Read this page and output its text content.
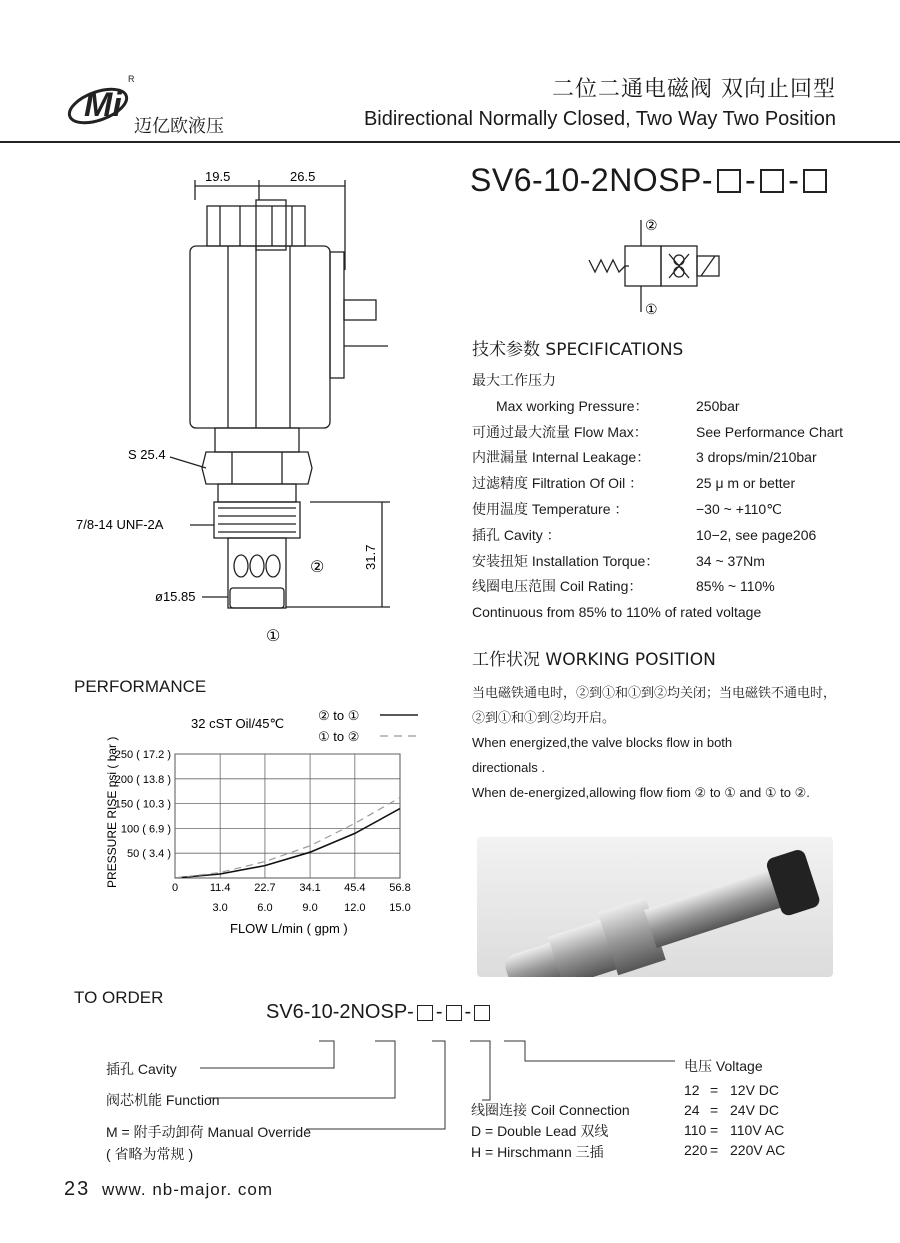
Mi
R
迈亿欧液压
二位二通电磁阀 双向止回型
Bidirectional Normally Closed, Two Way Two Position
SV6-10-2NOSP- - -
19.5	26.5
S 25.4
7/8-14 UNF-2A
ø15.85
②
①
31.7
②
①
技术参数 SPECIFICATIONS
最大工作压力
Max working Pressure：	250bar
可通过最大流量 Flow Max：	See Performance Chart
内泄漏量 Internal Leakage：	3 drops/min/210bar
过滤精度 Filtration Of Oil ：	25 μ m or better
使用温度 Temperature ：	−30 ~ +110℃
插孔 Cavity ：	10−2, see page206
安装扭矩 Installation Torque：	34 ~ 37Nm
线圈电压范围 Coil Rating：	85% ~ 110%
Continuous from 85% to 110% of rated voltage
工作状况 WORKING POSITION
当电磁铁通电时，②到①和①到②均关闭；当电磁铁不通电时，
②到①和①到②均开启。
When energized,the valve blocks flow in both
directionals .
When de-energized,allowing flow fiom ② to ① and ① to ②.
PERFORMANCE
32 cST Oil/45℃
② to ①
① to ②
PRESSURE RISE psi ( bar )
FLOW L/min ( gpm )
250 ( 17.2 )
200 ( 13.8 )
150 ( 10.3 )
100 ( 6.9 )
50 ( 3.4 )
0	11.4 22.7 34.1 45.4 56.8
3.0	6.0	9.0 12.0 15.0
TO ORDER
SV6-10-2NOSP- - -
插孔 Cavity
阀芯机能 Function
M = 附手动卸荷 Manual Override
( 省略为常规 )
线圈连接 Coil Connection
D = Double Lead 双线
H = Hirschmann 三插
电压 Voltage
12 = 12V DC
24 = 24V DC
110 = 110V AC
220 = 220V AC
23 www. nb-major. com
